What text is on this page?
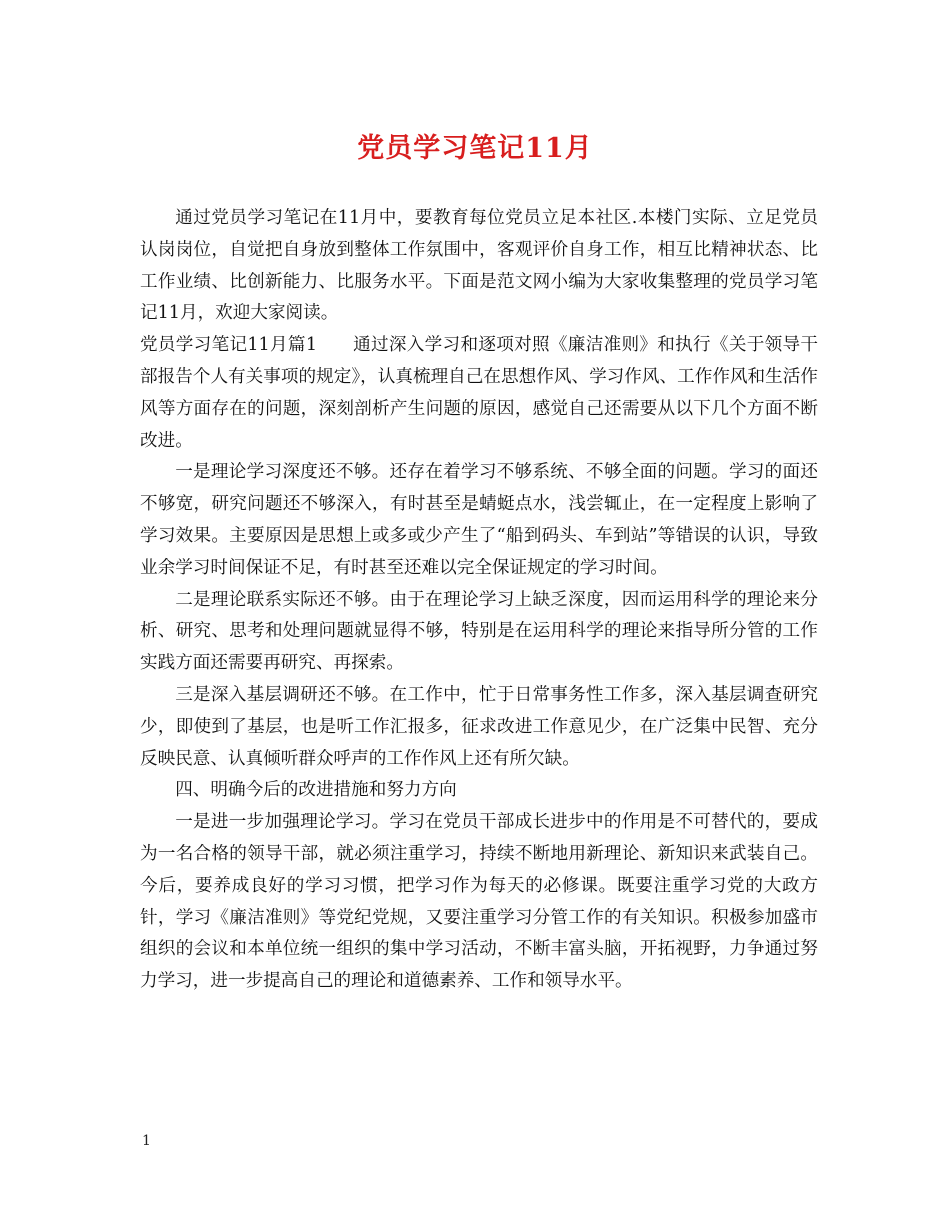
党员学习笔记11月

通过党员学习笔记在11月中，要教育每位党员立足本社区.本楼门实际、立足党员认岗岗位，自觉把自身放到整体工作氛围中，客观评价自身工作，相互比精神状态、比工作业绩、比创新能力、比服务水平。下面是范文网小编为大家收集整理的党员学习笔记11月，欢迎大家阅读。

党员学习笔记11月篇1　　通过深入学习和逐项对照《廉洁准则》和执行《关于领导干部报告个人有关事项的规定》，认真梳理自己在思想作风、学习作风、工作作风和生活作风等方面存在的问题，深刻剖析产生问题的原因，感觉自己还需要从以下几个方面不断改进。

一是理论学习深度还不够。还存在着学习不够系统、不够全面的问题。学习的面还不够宽，研究问题还不够深入，有时甚至是蜻蜓点水，浅尝辄止，在一定程度上影响了学习效果。主要原因是思想上或多或少产生了“船到码头、车到站”等错误的认识，导致业余学习时间保证不足，有时甚至还难以完全保证规定的学习时间。

二是理论联系实际还不够。由于在理论学习上缺乏深度，因而运用科学的理论来分析、研究、思考和处理问题就显得不够，特别是在运用科学的理论来指导所分管的工作实践方面还需要再研究、再探索。

三是深入基层调研还不够。在工作中，忙于日常事务性工作多，深入基层调查研究少，即使到了基层，也是听工作汇报多，征求改进工作意见少，在广泛集中民智、充分反映民意、认真倾听群众呼声的工作作风上还有所欠缺。

四、明确今后的改进措施和努力方向

一是进一步加强理论学习。学习在党员干部成长进步中的作用是不可替代的，要成为一名合格的领导干部，就必须注重学习，持续不断地用新理论、新知识来武装自己。今后，要养成良好的学习习惯，把学习作为每天的必修课。既要注重学习党的大政方针，学习《廉洁准则》等党纪党规，又要注重学习分管工作的有关知识。积极参加盛市组织的会议和本单位统一组织的集中学习活动，不断丰富头脑，开拓视野，力争通过努力学习，进一步提高自己的理论和道德素养、工作和领导水平。

1
